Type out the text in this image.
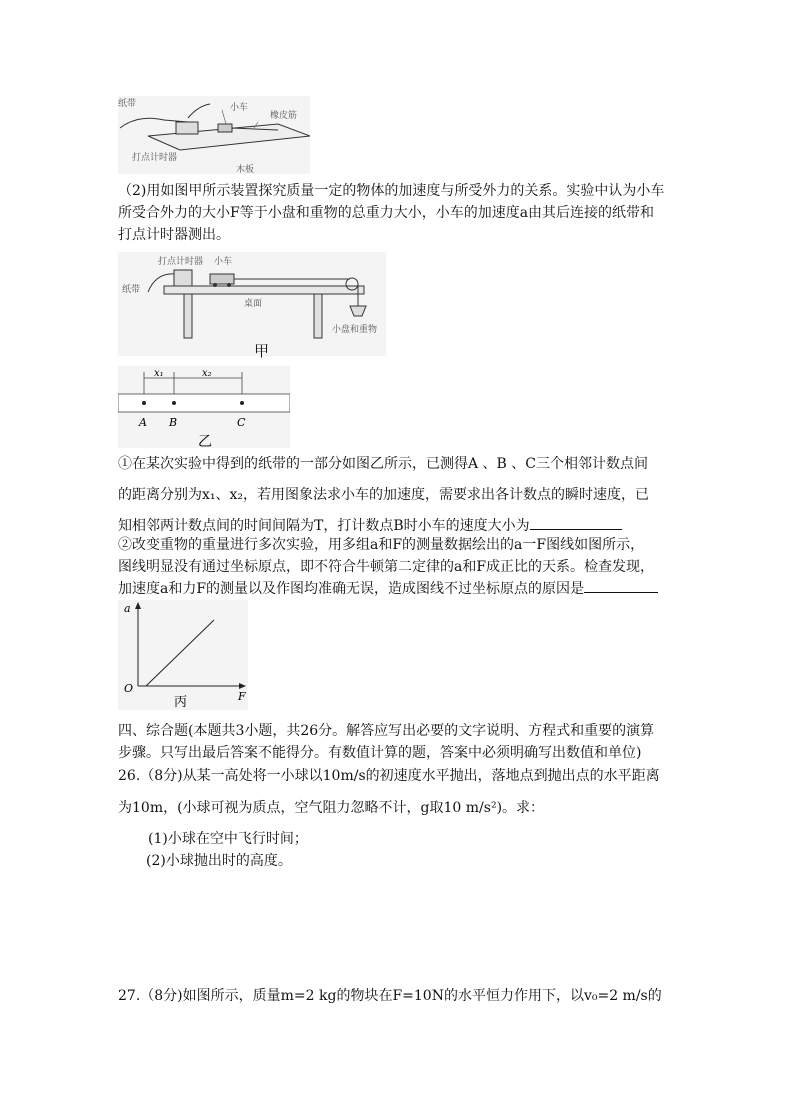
纸带	小车
橡皮筋
打点计时器
木板
（2)用如图甲所示装置探究质量一定的物体的加速度与所受外力的关系。实验中认为小车
所受合外力的大小F等于小盘和重物的总重力大小，小车的加速度a由其后连接的纸带和
打点计时器测出。
打点计时器 小车
纸带
桌面
小盘和重物
甲
x₁	x₂
A B	C
乙
①在某次实验中得到的纸带的一部分如图乙所示，已测得A 、B 、C三个相邻计数点间
的距离分别为x₁、x₂，若用图象法求小车的加速度，需要求出各计数点的瞬时速度，已
知相邻两计数点间的时间间隔为T，打计数点B时小车的速度大小为
②改变重物的重量进行多次实验，用多组a和F的测量数据绘出的a一F图线如图所示，
图线明显没有通过坐标原点，即不符合牛顿第二定律的a和F成正比的天系。检查发现，
加速度a和力F的测量以及作图均准确无误，造成图线不过坐标原点的原因是
a
F
O
丙
四、综合题(本题共3小题，共26分。解答应写出必要的文字说明、方程式和重要的演算
步骤。只写出最后答案不能得分。有数值计算的题，答案中必须明确写出数值和单位)
26.（8分)从某一高处将一小球以10m/s的初速度水平抛出，落地点到抛出点的水平距离
为10m，(小球可视为质点，空气阻力忽略不计，g取10 m/s²)。求：
(1)小球在空中飞行时间；
(2)小球抛出时的高度。
27.（8分)如图所示，质量m=2 kg的物块在F=10N的水平恒力作用下，以v₀=2 m/s的
